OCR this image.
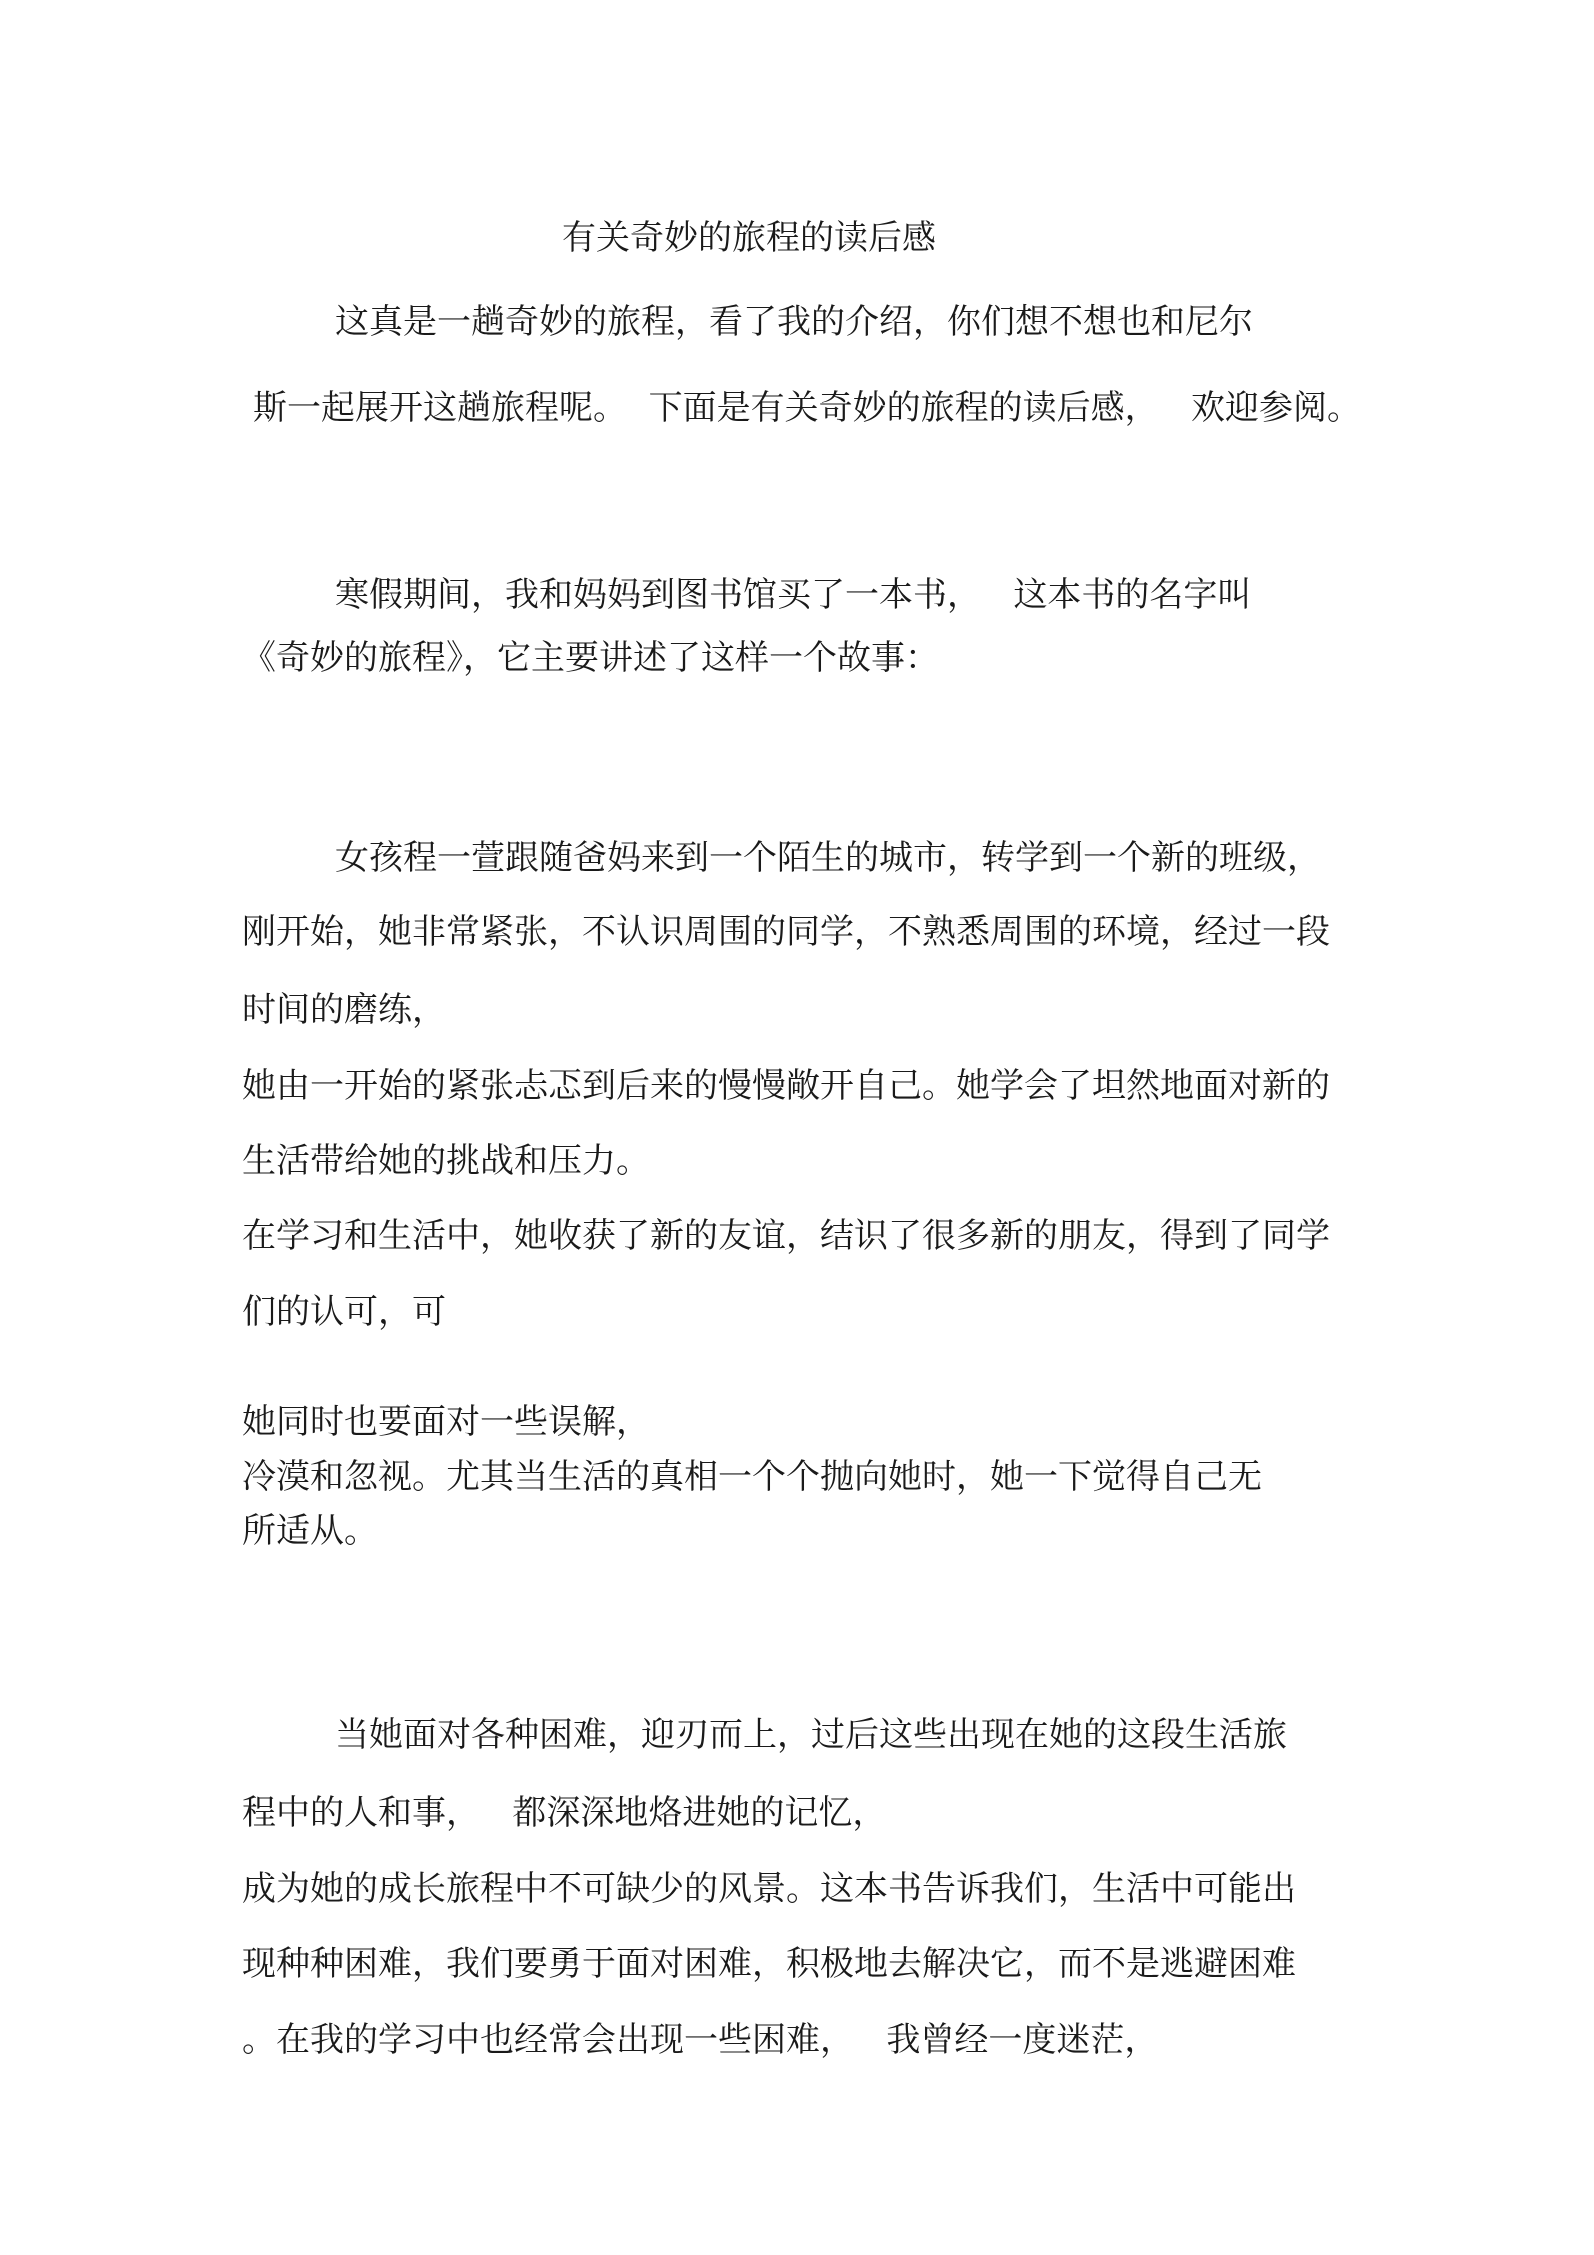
有关奇妙的旅程的读后感
这真是一趟奇妙的旅程，看了我的介绍，你们想不想也和尼尔
斯一起展开这趟旅程呢。  下面是有关奇妙的旅程的读后感，   欢迎参阅。
寒假期间，我和妈妈到图书馆买了一本书，   这本书的名字叫
《奇妙的旅程》，它主要讲述了这样一个故事：
女孩程一萱跟随爸妈来到一个陌生的城市，转学到一个新的班级，
刚开始，她非常紧张，不认识周围的同学，不熟悉周围的环境，经过一段
时间的磨练，
她由一开始的紧张忐忑到后来的慢慢敞开自己。她学会了坦然地面对新的
生活带给她的挑战和压力。
在学习和生活中，她收获了新的友谊，结识了很多新的朋友，得到了同学
们的认可，可
她同时也要面对一些误解，
冷漠和忽视。尤其当生活的真相一个个抛向她时，她一下觉得自己无
所适从。
当她面对各种困难，迎刃而上，过后这些出现在她的这段生活旅
程中的人和事，   都深深地烙进她的记忆，
成为她的成长旅程中不可缺少的风景。这本书告诉我们，生活中可能出
现种种困难，我们要勇于面对困难，积极地去解决它，而不是逃避困难
。在我的学习中也经常会出现一些困难，   我曾经一度迷茫，
